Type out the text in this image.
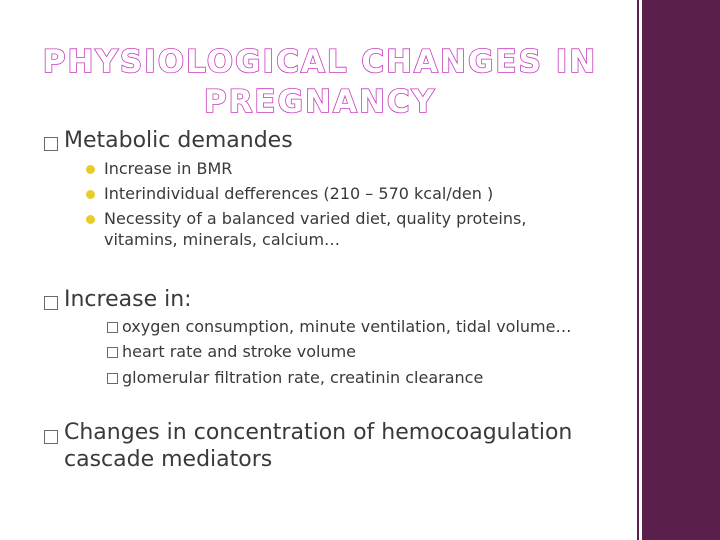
PHYSIOLOGICAL CHANGES IN
PREGNANCY
Metabolic demandes
Increase in BMR
Interindividual defferences (210 – 570 kcal/den )
Necessity of a balanced varied diet, quality proteins,
vitamins, minerals, calcium…
Increase in:
oxygen consumption, minute ventilation, tidal volume…
heart rate and stroke volume
glomerular filtration rate, creatinin clearance
Changes in concentration of hemocoagulation
cascade mediators
